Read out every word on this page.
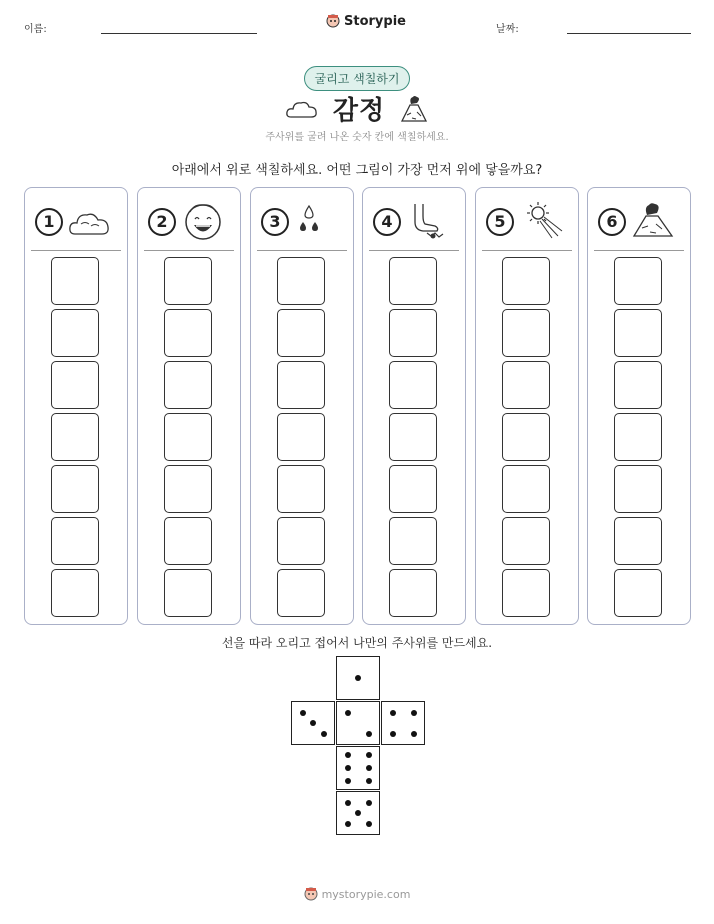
이름:
Storypie
날짜:
굴리고 색칠하기
감정
주사위를 굴려 나온 숫자 칸에 색칠하세요.
아래에서 위로 색칠하세요. 어떤 그림이 가장 먼저 위에 닿을까요?
1	2	3	4	5	6
선을 따라 오리고 접어서 나만의 주사위를 만드세요.
mystorypie.com
